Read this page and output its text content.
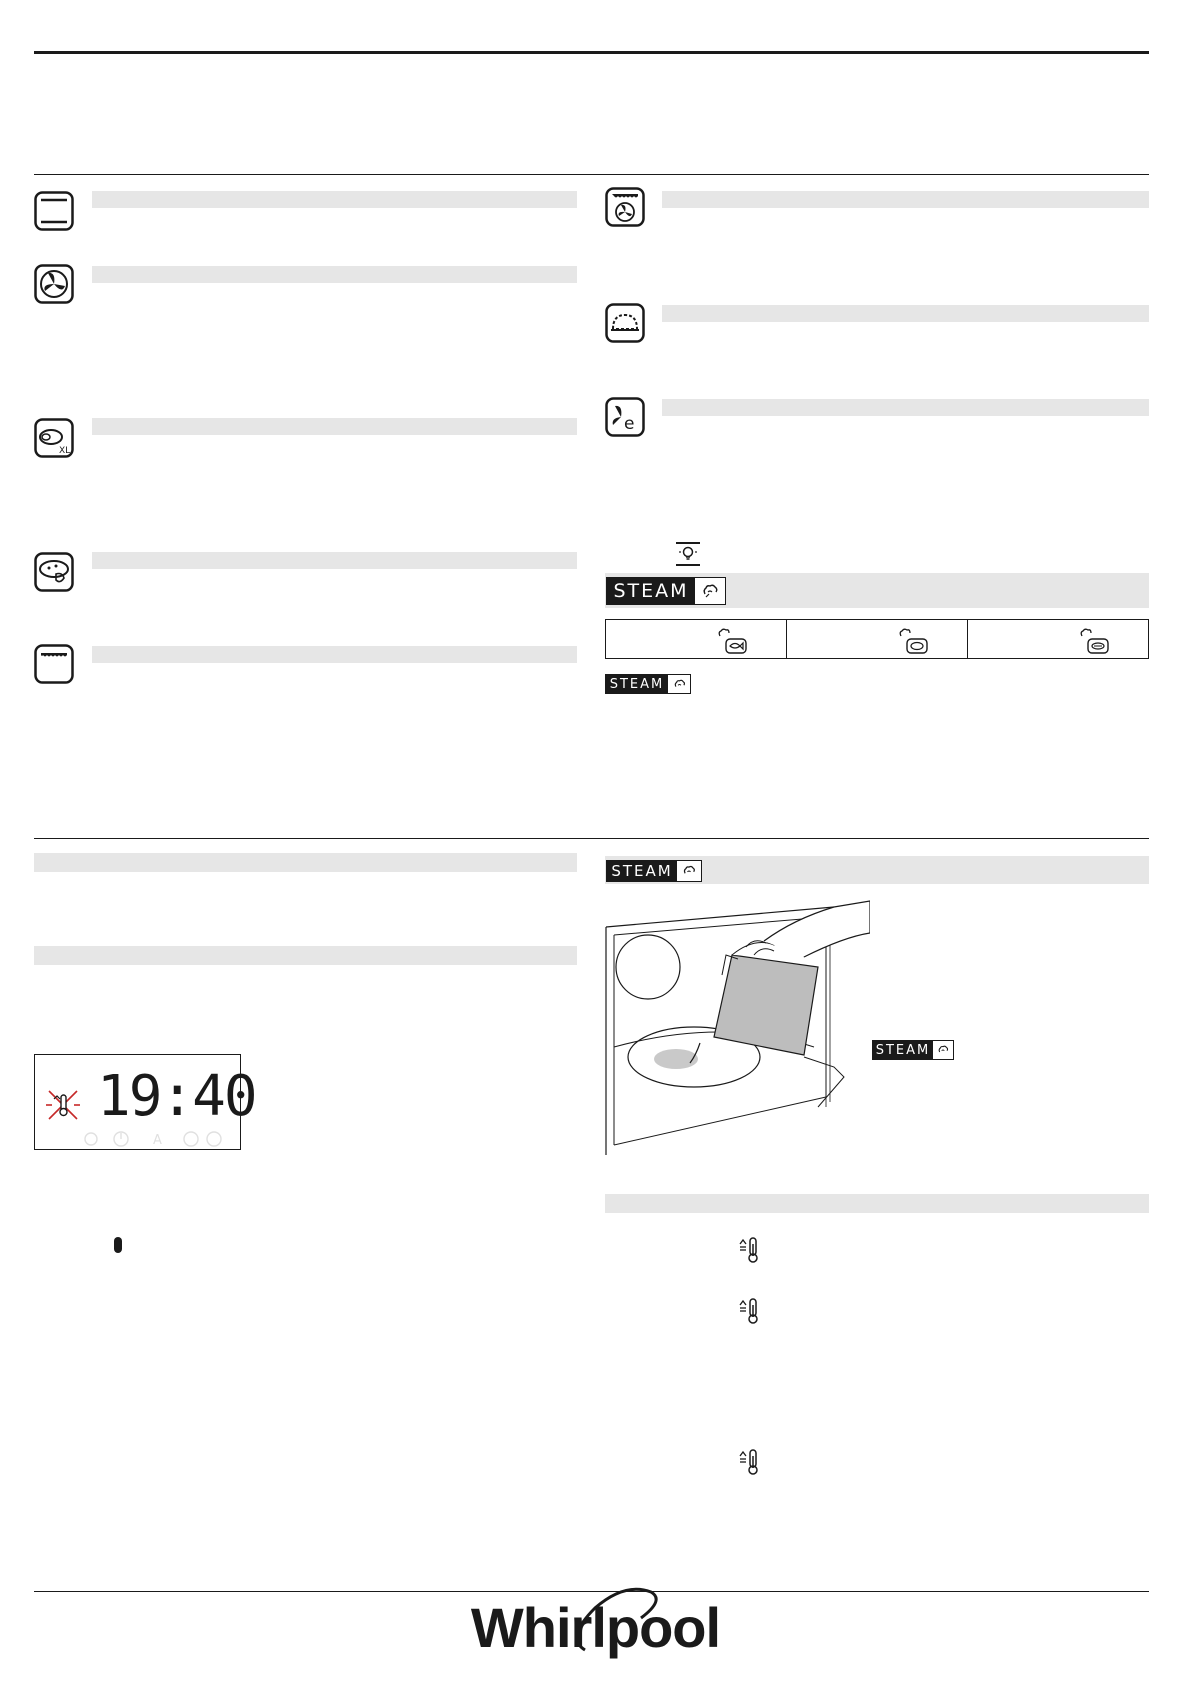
XL
e
STEAM
STEAM
19:40
A
STEAM
STEAM
Whirlpool
